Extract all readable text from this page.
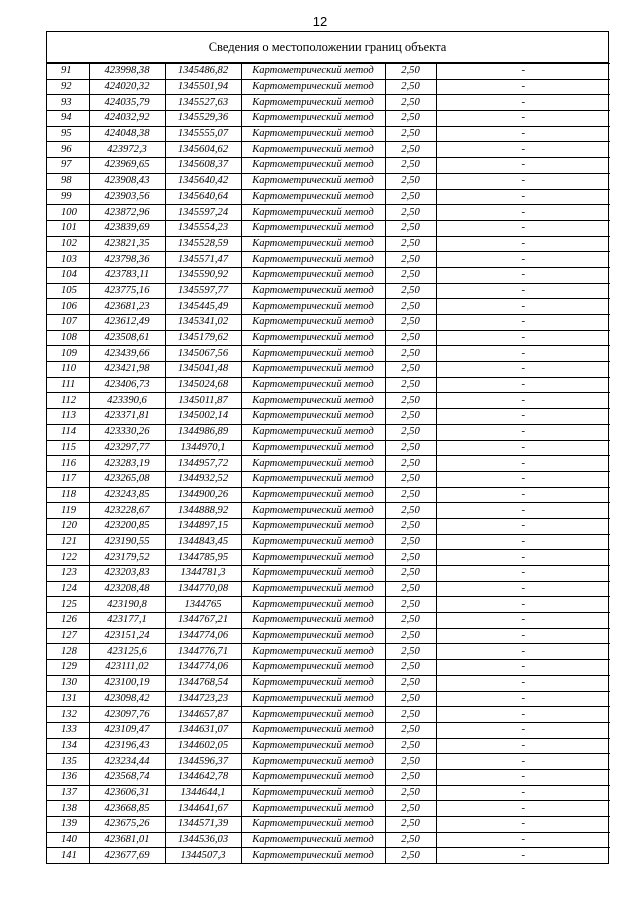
12
Сведения о местоположении границ объекта
91	423998,38	1345486,82	Картометрический метод	2,50	-
92	424020,32	1345501,94	Картометрический метод	2,50	-
93	424035,79	1345527,63	Картометрический метод	2,50	-
94	424032,92	1345529,36	Картометрический метод	2,50	-
95	424048,38	1345555,07	Картометрический метод	2,50	-
96	423972,3	1345604,62	Картометрический метод	2,50	-
97	423969,65	1345608,37	Картометрический метод	2,50	-
98	423908,43	1345640,42	Картометрический метод	2,50	-
99	423903,56	1345640,64	Картометрический метод	2,50	-
100	423872,96	1345597,24	Картометрический метод	2,50	-
101	423839,69	1345554,23	Картометрический метод	2,50	-
102	423821,35	1345528,59	Картометрический метод	2,50	-
103	423798,36	1345571,47	Картометрический метод	2,50	-
104	423783,11	1345590,92	Картометрический метод	2,50	-
105	423775,16	1345597,77	Картометрический метод	2,50	-
106	423681,23	1345445,49	Картометрический метод	2,50	-
107	423612,49	1345341,02	Картометрический метод	2,50	-
108	423508,61	1345179,62	Картометрический метод	2,50	-
109	423439,66	1345067,56	Картометрический метод	2,50	-
110	423421,98	1345041,48	Картометрический метод	2,50	-
111	423406,73	1345024,68	Картометрический метод	2,50	-
112	423390,6	1345011,87	Картометрический метод	2,50	-
113	423371,81	1345002,14	Картометрический метод	2,50	-
114	423330,26	1344986,89	Картометрический метод	2,50	-
115	423297,77	1344970,1	Картометрический метод	2,50	-
116	423283,19	1344957,72	Картометрический метод	2,50	-
117	423265,08	1344932,52	Картометрический метод	2,50	-
118	423243,85	1344900,26	Картометрический метод	2,50	-
119	423228,67	1344888,92	Картометрический метод	2,50	-
120	423200,85	1344897,15	Картометрический метод	2,50	-
121	423190,55	1344843,45	Картометрический метод	2,50	-
122	423179,52	1344785,95	Картометрический метод	2,50	-
123	423203,83	1344781,3	Картометрический метод	2,50	-
124	423208,48	1344770,08	Картометрический метод	2,50	-
125	423190,8	1344765	Картометрический метод	2,50	-
126	423177,1	1344767,21	Картометрический метод	2,50	-
127	423151,24	1344774,06	Картометрический метод	2,50	-
128	423125,6	1344776,71	Картометрический метод	2,50	-
129	423111,02	1344774,06	Картометрический метод	2,50	-
130	423100,19	1344768,54	Картометрический метод	2,50	-
131	423098,42	1344723,23	Картометрический метод	2,50	-
132	423097,76	1344657,87	Картометрический метод	2,50	-
133	423109,47	1344631,07	Картометрический метод	2,50	-
134	423196,43	1344602,05	Картометрический метод	2,50	-
135	423234,44	1344596,37	Картометрический метод	2,50	-
136	423568,74	1344642,78	Картометрический метод	2,50	-
137	423606,31	1344644,1	Картометрический метод	2,50	-
138	423668,85	1344641,67	Картометрический метод	2,50	-
139	423675,26	1344571,39	Картометрический метод	2,50	-
140	423681,01	1344536,03	Картометрический метод	2,50	-
141	423677,69	1344507,3	Картометрический метод	2,50	-
